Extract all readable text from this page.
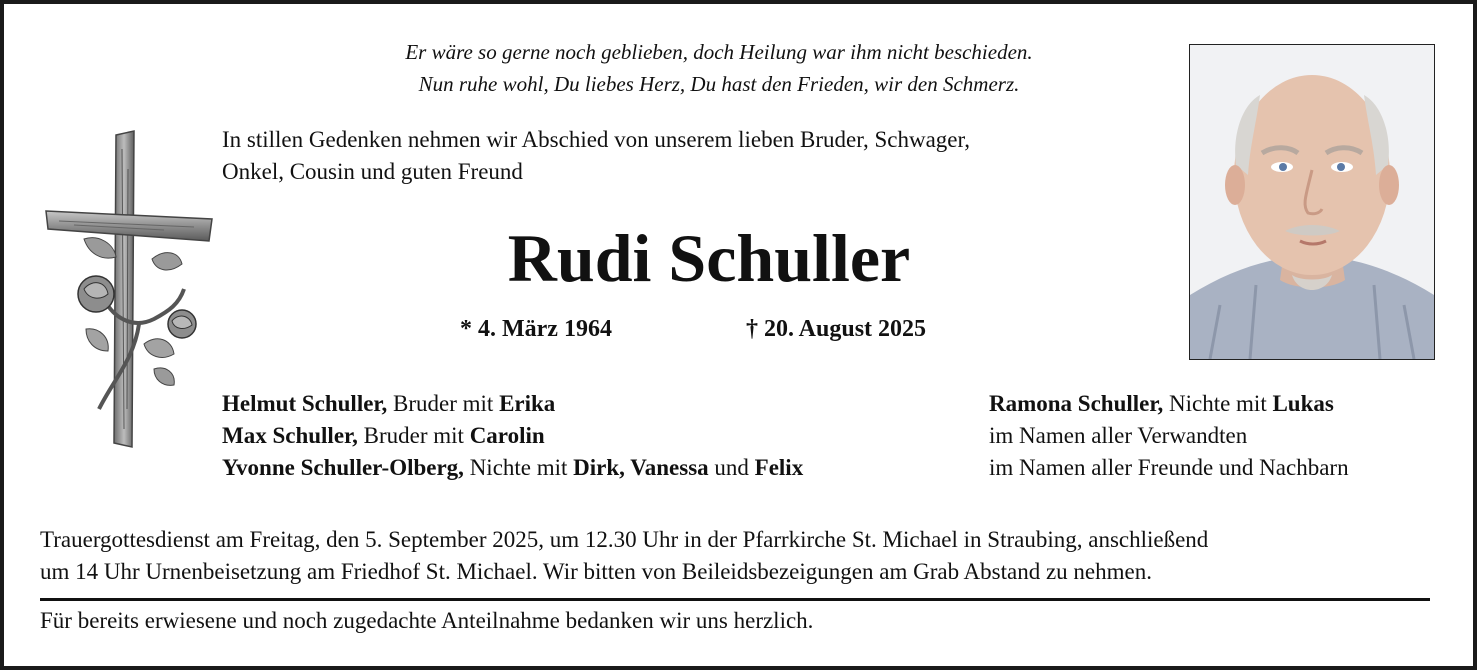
Er wäre so gerne noch geblieben, doch Heilung war ihm nicht beschieden.
Nun ruhe wohl, Du liebes Herz, Du hast den Frieden, wir den Schmerz.
In stillen Gedenken nehmen wir Abschied von unserem lieben Bruder, Schwager,
Onkel, Cousin und guten Freund
Rudi Schuller
* 4. März 1964	† 20. August 2025
Helmut Schuller, Bruder mit Erika
Max Schuller, Bruder mit Carolin
Yvonne Schuller-Olberg, Nichte mit Dirk, Vanessa und Felix
Ramona Schuller, Nichte mit Lukas
im Namen aller Verwandten
im Namen aller Freunde und Nachbarn
Trauergottesdienst am Freitag, den 5. September 2025, um 12.30 Uhr in der Pfarrkirche St. Michael in Straubing, anschließend
um 14 Uhr Urnenbeisetzung am Friedhof St. Michael. Wir bitten von Beileidsbezeigungen am Grab Abstand zu nehmen.
Für bereits erwiesene und noch zugedachte Anteilnahme bedanken wir uns herzlich.
